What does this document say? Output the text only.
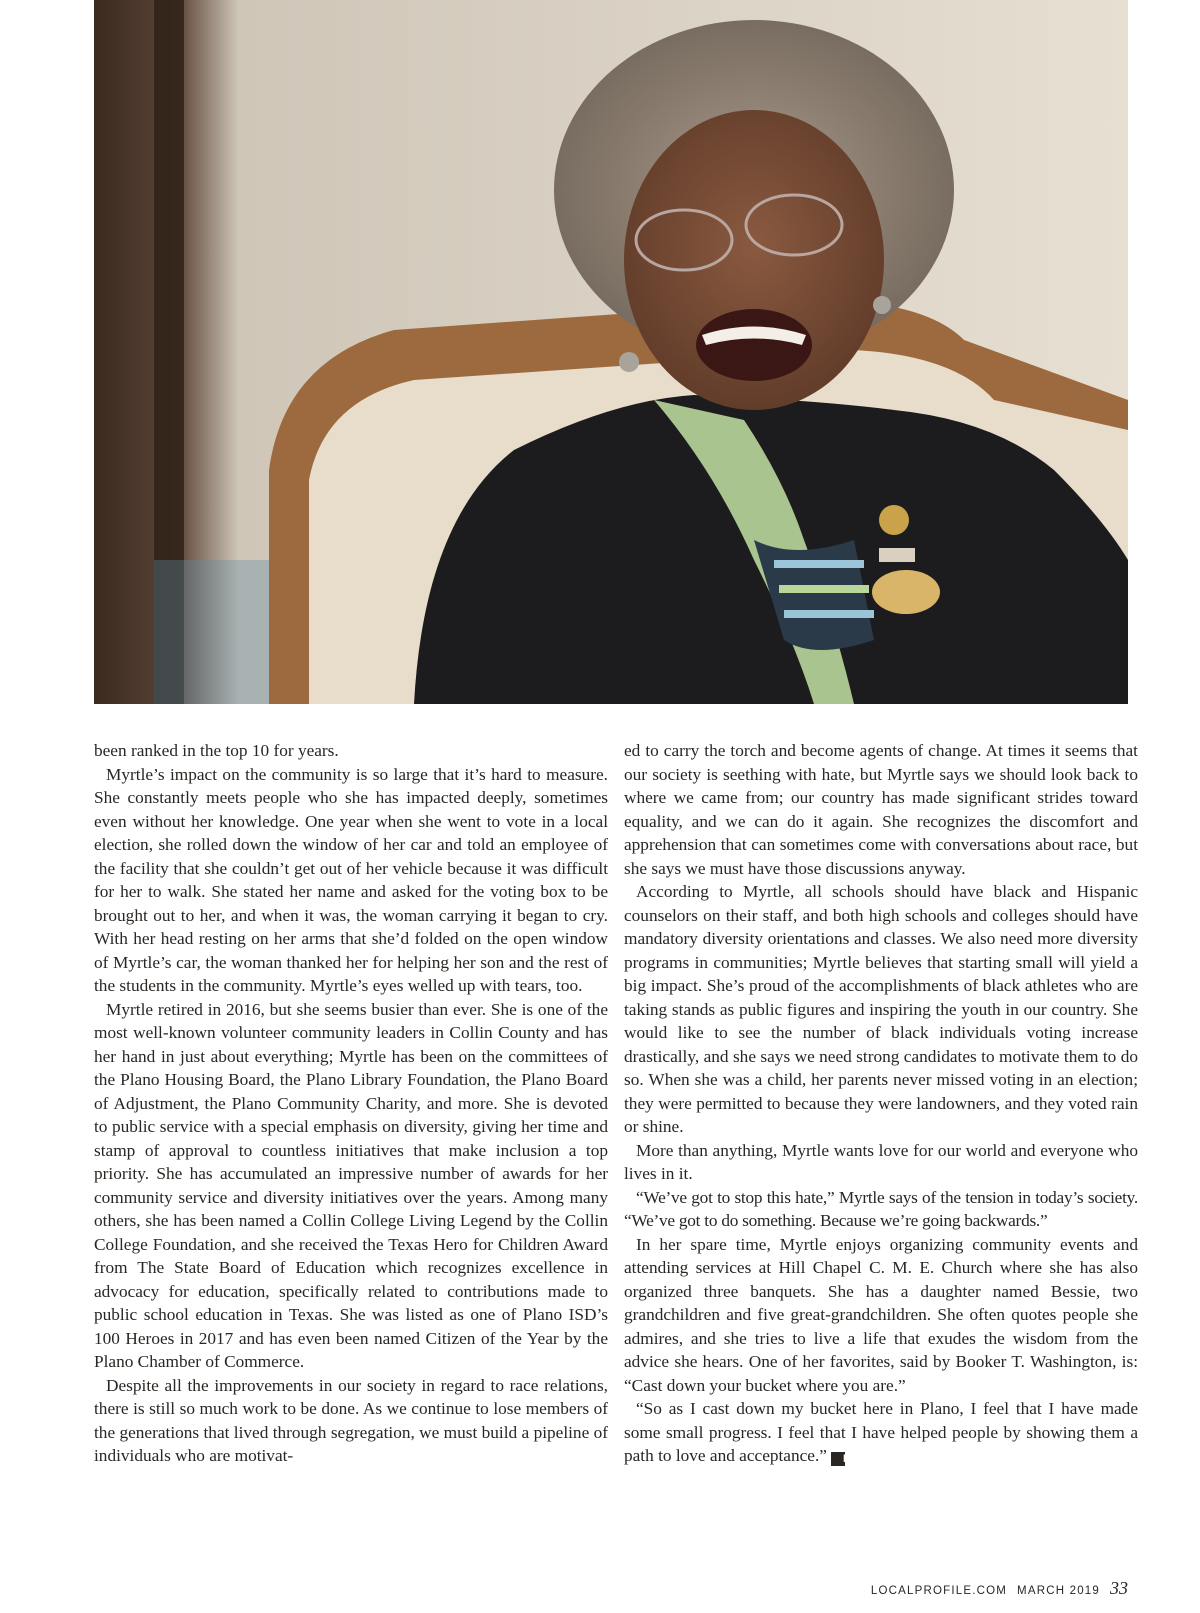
been ranked in the top 10 for years.

Myrtle’s impact on the community is so large that it’s hard to measure. She constantly meets people who she has impacted deeply, sometimes even without her knowledge. One year when she went to vote in a local election, she rolled down the window of her car and told an employee of the facility that she couldn’t get out of her vehicle because it was difficult for her to walk. She stated her name and asked for the voting box to be brought out to her, and when it was, the woman carrying it began to cry. With her head resting on her arms that she’d folded on the open window of Myrtle’s car, the woman thanked her for helping her son and the rest of the students in the community. Myrtle’s eyes welled up with tears, too.

Myrtle retired in 2016, but she seems busier than ever. She is one of the most well-known volunteer community leaders in Collin County and has her hand in just about everything; Myrtle has been on the committees of the Plano Housing Board, the Plano Library Foundation, the Plano Board of Adjustment, the Plano Community Charity, and more. She is devoted to public service with a special emphasis on diversity, giving her time and stamp of approval to countless initiatives that make inclusion a top priority. She has accumulated an impressive number of awards for her community service and diversity initiatives over the years. Among many others, she has been named a Collin College Living Legend by the Collin College Foundation, and she received the Texas Hero for Children Award from The State Board of Education which recognizes excellence in advocacy for education, specifically related to contributions made to public school education in Texas. She was listed as one of Plano ISD’s 100 Heroes in 2017 and has even been named Citizen of the Year by the Plano Chamber of Commerce.

Despite all the improvements in our society in regard to race relations, there is still so much work to be done. As we continue to lose members of the generations that lived through segregation, we must build a pipeline of individuals who are motivat-

ed to carry the torch and become agents of change. At times it seems that our society is seething with hate, but Myrtle says we should look back to where we came from; our country has made significant strides toward equality, and we can do it again. She recognizes the discomfort and apprehension that can sometimes come with conversations about race, but she says we must have those discussions anyway.

According to Myrtle, all schools should have black and Hispanic counselors on their staff, and both high schools and colleges should have mandatory diversity orientations and classes. We also need more diversity programs in communities; Myrtle believes that starting small will yield a big impact. She’s proud of the accomplishments of black athletes who are taking stands as public figures and inspiring the youth in our country. She would like to see the number of black individuals voting increase drastically, and she says we need strong candidates to motivate them to do so. When she was a child, her parents never missed voting in an election; they were permitted to because they were landowners, and they voted rain or shine.

More than anything, Myrtle wants love for our world and everyone who lives in it.

“We’ve got to stop this hate,” Myrtle says of the tension in today’s society. “We’ve got to do something. Because we’re going backwards.”

In her spare time, Myrtle enjoys organizing community events and attending services at Hill Chapel C. M. E. Church where she has also organized three banquets. She has a daughter named Bessie, two grandchildren and five great-grandchildren. She often quotes people she admires, and she tries to live a life that exudes the wisdom from the advice she hears. One of her favorites, said by Booker T. Washington, is: “Cast down your bucket where you are.”

“So as I cast down my bucket here in Plano, I feel that I have made some small progress. I feel that I have helped people by showing them a path to love and acceptance.” L

LOCALPROFILE.COM MARCH 2019 33
